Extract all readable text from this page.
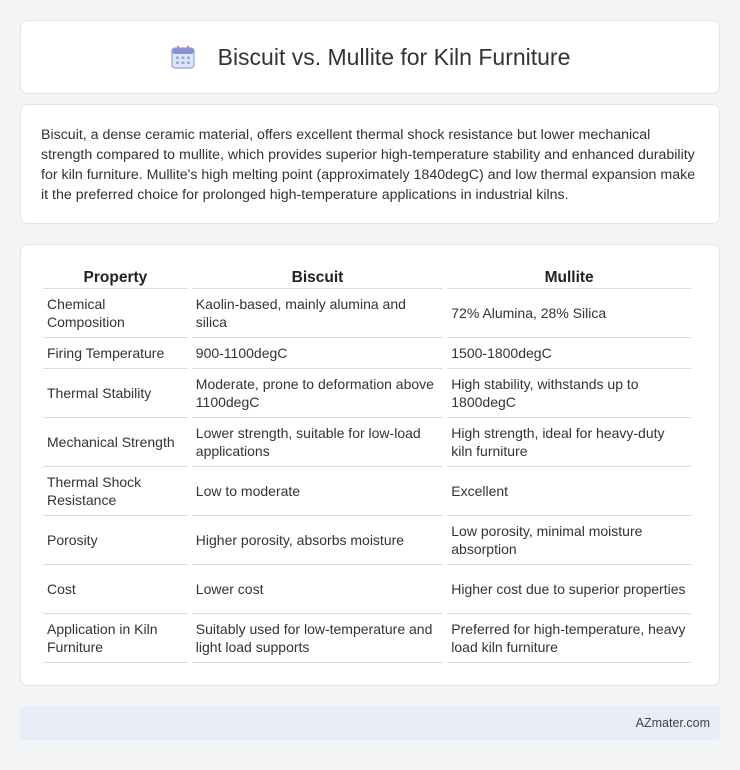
Biscuit vs. Mullite for Kiln Furniture

Biscuit, a dense ceramic material, offers excellent thermal shock resistance but lower mechanical strength compared to mullite, which provides superior high-temperature stability and enhanced durability for kiln furniture. Mullite's high melting point (approximately 1840degC) and low thermal expansion make it the preferred choice for prolonged high-temperature applications in industrial kilns.

Property	Biscuit	Mullite
Chemical Composition	Kaolin-based, mainly alumina and silica	72% Alumina, 28% Silica
Firing Temperature	900-1100degC	1500-1800degC
Thermal Stability	Moderate, prone to deformation above 1100degC	High stability, withstands up to 1800degC
Mechanical Strength	Lower strength, suitable for low-load applications	High strength, ideal for heavy-duty kiln furniture
Thermal Shock Resistance	Low to moderate	Excellent
Porosity	Higher porosity, absorbs moisture	Low porosity, minimal moisture absorption
Cost	Lower cost	Higher cost due to superior properties
Application in Kiln Furniture	Suitably used for low-temperature and light load supports	Preferred for high-temperature, heavy load kiln furniture
AZmater.com
